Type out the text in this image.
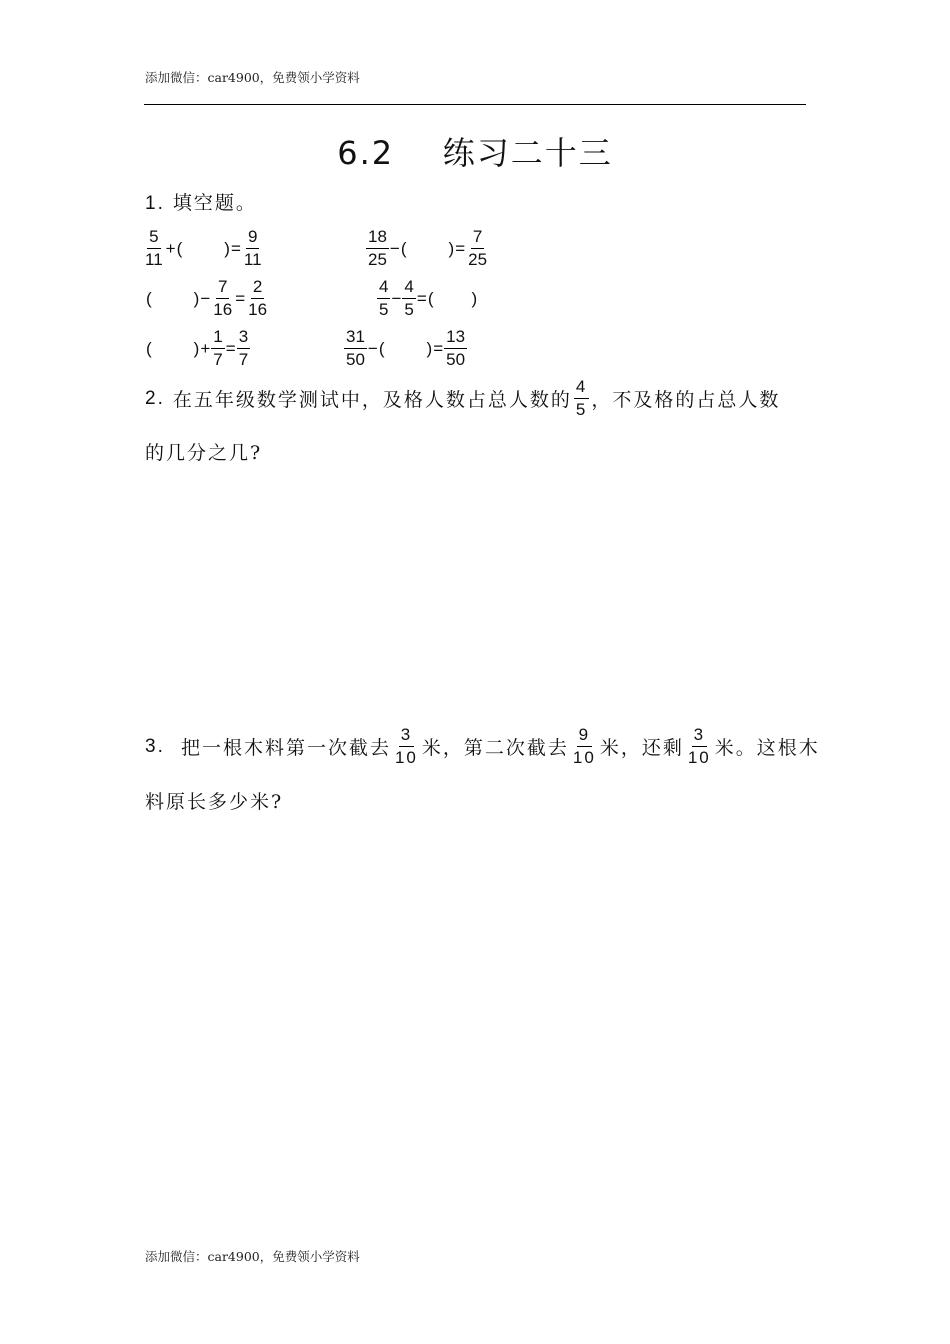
添加微信：car4900，免费领小学资料
6.2 练习二十三
1. 填空题。
$\frac{5}{11}$ + ( ) = $\frac{9}{11}$	$\frac{18}{25}$ − ( ) = $\frac{7}{25}$
( ) − $\frac{7}{16} = \frac{2}{16}$	$\frac{4}{5} - \frac{4}{5}$ = ( )
( ) + $\frac{1}{7} = \frac{3}{7}$	$\frac{31}{50}$ − ( ) = $\frac{13}{50}$
2.
在五年级数学测试中，及格人数占总人数的 $\frac{4}{5}$ ，不及格的占总人数
的几分之几?
3.
把一根木料第一次截去 $\frac{3}{10}$ 米，第二次截去 $\frac{9}{10}$ 米，还剩 $\frac{3}{10}$ 米。这根木
料原长多少米?
添加微信：car4900，免费领小学资料
